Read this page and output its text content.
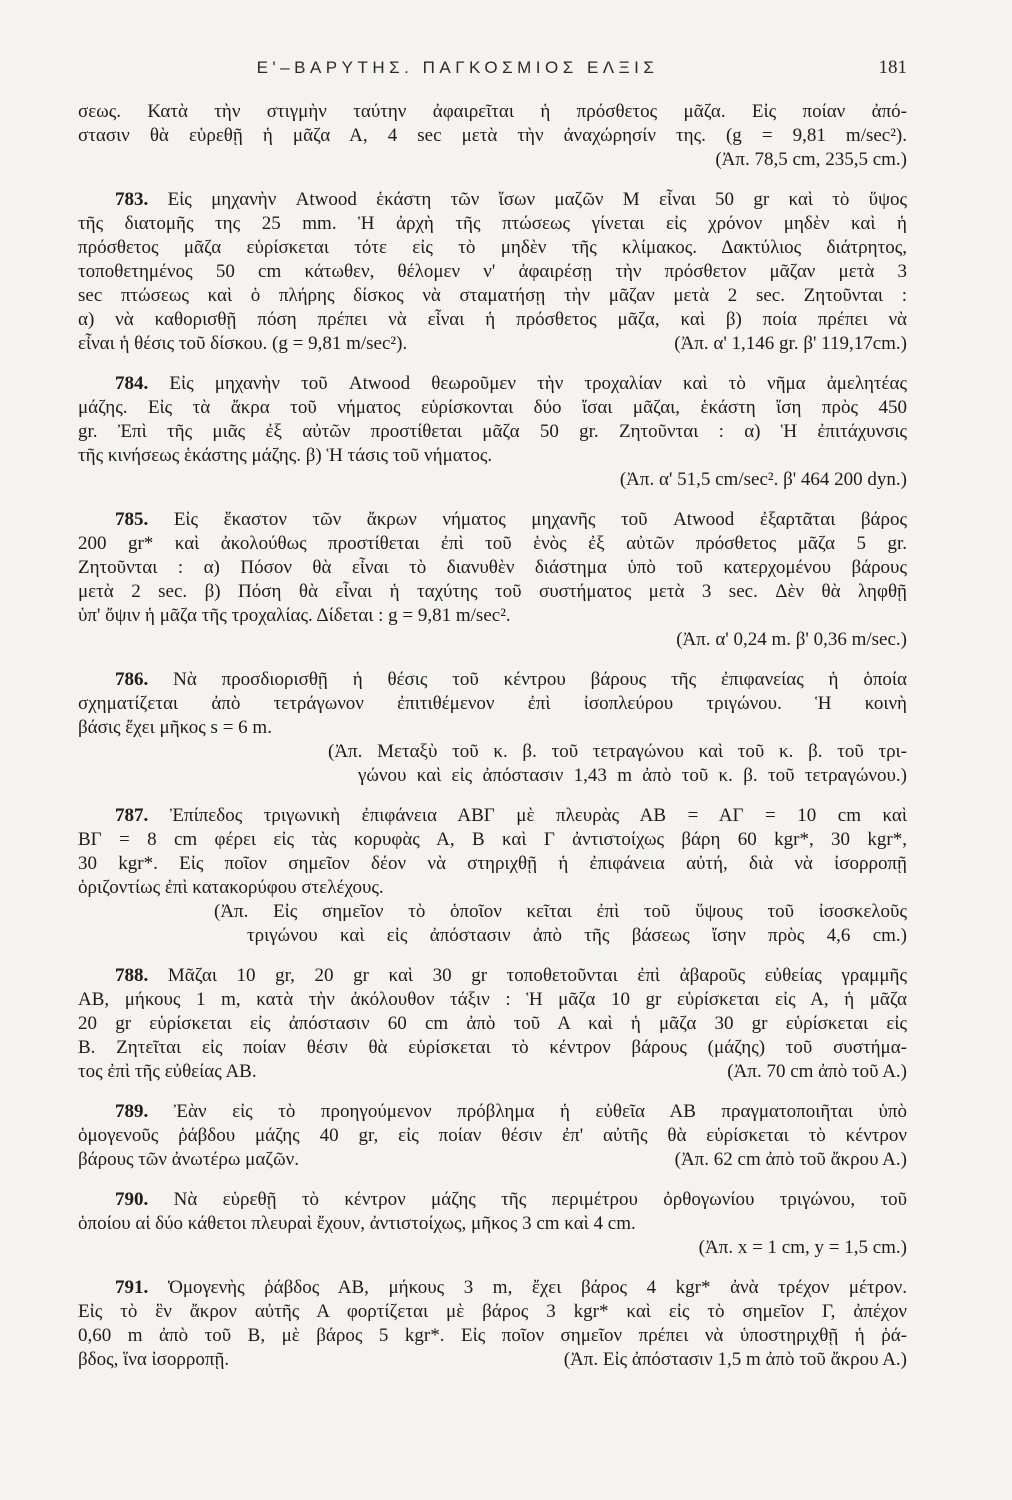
Ε'–ΒΑΡΥΤΗΣ. ΠΑΓΚΟΣΜΙΟΣ ΕΛΞΙΣ	181
σεως. Κατὰ τὴν στιγμὴν ταύτην ἀφαιρεῖται ἡ πρόσθετος μᾶζα. Εἰς ποίαν ἀπό-
στασιν θὰ εὑρεθῇ ἡ μᾶζα Α, 4 sec μετὰ τὴν ἀναχώρησίν της. (g = 9,81 m/sec²).
(Ἀπ. 78,5 cm, 235,5 cm.)
783. Εἰς μηχανὴν Atwood ἑκάστη τῶν ἴσων μαζῶν Μ εἶναι 50 gr καὶ τὸ ὕψος
τῆς διατομῆς της 25 mm. Ἡ ἀρχὴ τῆς πτώσεως γίνεται εἰς χρόνον μηδὲν καὶ ἡ
πρόσθετος μᾶζα εὑρίσκεται τότε εἰς τὸ μηδὲν τῆς κλίμακος. Δακτύλιος διάτρητος,
τοποθετημένος 50 cm κάτωθεν, θέλομεν ν' ἀφαιρέσῃ τὴν πρόσθετον μᾶζαν μετὰ 3
sec πτώσεως καὶ ὁ πλήρης δίσκος νὰ σταματήσῃ τὴν μᾶζαν μετὰ 2 sec. Ζητοῦνται :
α) νὰ καθορισθῇ πόση πρέπει νὰ εἶναι ἡ πρόσθετος μᾶζα, καὶ β) ποία πρέπει νὰ
εἶναι ἡ θέσις τοῦ δίσκου. (g = 9,81 m/sec²).	(Ἀπ. α' 1,146 gr. β' 119,17cm.)
784. Εἰς μηχανὴν τοῦ Atwood θεωροῦμεν τὴν τροχαλίαν καὶ τὸ νῆμα ἀμελητέας
μάζης. Εἰς τὰ ἄκρα τοῦ νήματος εὑρίσκονται δύο ἴσαι μᾶζαι, ἑκάστη ἴση πρὸς 450
gr. Ἐπὶ τῆς μιᾶς ἐξ αὐτῶν προστίθεται μᾶζα 50 gr. Ζητοῦνται : α) Ἡ ἐπιτάχυνσις
τῆς κινήσεως ἑκάστης μάζης. β) Ἡ τάσις τοῦ νήματος.
(Ἀπ. α' 51,5 cm/sec². β' 464 200 dyn.)
785. Εἰς ἕκαστον τῶν ἄκρων νήματος μηχανῆς τοῦ Atwood ἐξαρτᾶται βάρος
200 gr* καὶ ἀκολούθως προστίθεται ἐπὶ τοῦ ἑνὸς ἐξ αὐτῶν πρόσθετος μᾶζα 5 gr.
Ζητοῦνται : α) Πόσον θὰ εἶναι τὸ διανυθὲν διάστημα ὑπὸ τοῦ κατερχομένου βάρους
μετὰ 2 sec. β) Πόση θὰ εἶναι ἡ ταχύτης τοῦ συστήματος μετὰ 3 sec. Δὲν θὰ ληφθῇ
ὑπ' ὄψιν ἡ μᾶζα τῆς τροχαλίας. Δίδεται : g = 9,81 m/sec².
(Ἀπ. α' 0,24 m. β' 0,36 m/sec.)
786. Νὰ προσδιορισθῇ ἡ θέσις τοῦ κέντρου βάρους τῆς ἐπιφανείας ἡ ὁποία
σχηματίζεται ἀπὸ τετράγωνον ἐπιτιθέμενον ἐπὶ ἰσοπλεύρου τριγώνου. Ἡ κοινὴ
βάσις ἔχει μῆκος s = 6 m.
(Ἀπ. Μεταξὺ τοῦ κ. β. τοῦ τετραγώνου καὶ τοῦ κ. β. τοῦ τρι-
γώνου καὶ εἰς ἀπόστασιν 1,43 m ἀπὸ τοῦ κ. β. τοῦ τετραγώνου.)
787. Ἐπίπεδος τριγωνικὴ ἐπιφάνεια ΑΒΓ μὲ πλευρὰς ΑΒ = ΑΓ = 10 cm καὶ
ΒΓ = 8 cm φέρει εἰς τὰς κορυφὰς Α, Β καὶ Γ ἀντιστοίχως βάρη 60 kgr*, 30 kgr*,
30 kgr*. Εἰς ποῖον σημεῖον δέον νὰ στηριχθῇ ἡ ἐπιφάνεια αὐτή, διὰ νὰ ἰσορροπῇ
ὁριζοντίως ἐπὶ κατακορύφου στελέχους.
(Ἀπ. Εἰς σημεῖον τὸ ὁποῖον κεῖται ἐπὶ τοῦ ὕψους τοῦ ἰσοσκελοῦς
τριγώνου καὶ εἰς ἀπόστασιν ἀπὸ τῆς βάσεως ἴσην πρὸς 4,6 cm.)
788. Μᾶζαι 10 gr, 20 gr καὶ 30 gr τοποθετοῦνται ἐπὶ ἀβαροῦς εὐθείας γραμμῆς
ΑΒ, μήκους 1 m, κατὰ τὴν ἀκόλουθον τάξιν : Ἡ μᾶζα 10 gr εὑρίσκεται εἰς Α, ἡ μᾶζα
20 gr εὑρίσκεται εἰς ἀπόστασιν 60 cm ἀπὸ τοῦ Α καὶ ἡ μᾶζα 30 gr εὑρίσκεται εἰς
Β. Ζητεῖται εἰς ποίαν θέσιν θὰ εὑρίσκεται τὸ κέντρον βάρους (μάζης) τοῦ συστήμα-
τος ἐπὶ τῆς εὐθείας ΑΒ.	(Ἀπ. 70 cm ἀπὸ τοῦ Α.)
789. Ἐὰν εἰς τὸ προηγούμενον πρόβλημα ἡ εὐθεῖα ΑΒ πραγματοποιῆται ὑπὸ
ὁμογενοῦς ῥάβδου μάζης 40 gr, εἰς ποίαν θέσιν ἐπ' αὐτῆς θὰ εὑρίσκεται τὸ κέντρον
βάρους τῶν ἀνωτέρω μαζῶν.	(Ἀπ. 62 cm ἀπὸ τοῦ ἄκρου Α.)
790. Νὰ εὑρεθῇ τὸ κέντρον μάζης τῆς περιμέτρου ὀρθογωνίου τριγώνου, τοῦ
ὁποίου αἱ δύο κάθετοι πλευραὶ ἔχουν, ἀντιστοίχως, μῆκος 3 cm καὶ 4 cm.
(Ἀπ. x = 1 cm, y = 1,5 cm.)
791. Ὁμογενὴς ῥάβδος ΑΒ, μήκους 3 m, ἔχει βάρος 4 kgr* ἀνὰ τρέχον μέτρον.
Εἰς τὸ ἓν ἄκρον αὐτῆς Α φορτίζεται μὲ βάρος 3 kgr* καὶ εἰς τὸ σημεῖον Γ, ἀπέχον
0,60 m ἀπὸ τοῦ Β, μὲ βάρος 5 kgr*. Εἰς ποῖον σημεῖον πρέπει νὰ ὑποστηριχθῇ ἡ ῥά-
βδος, ἵνα ἰσορροπῇ.	(Ἀπ. Εἰς ἀπόστασιν 1,5 m ἀπὸ τοῦ ἄκρου Α.)
